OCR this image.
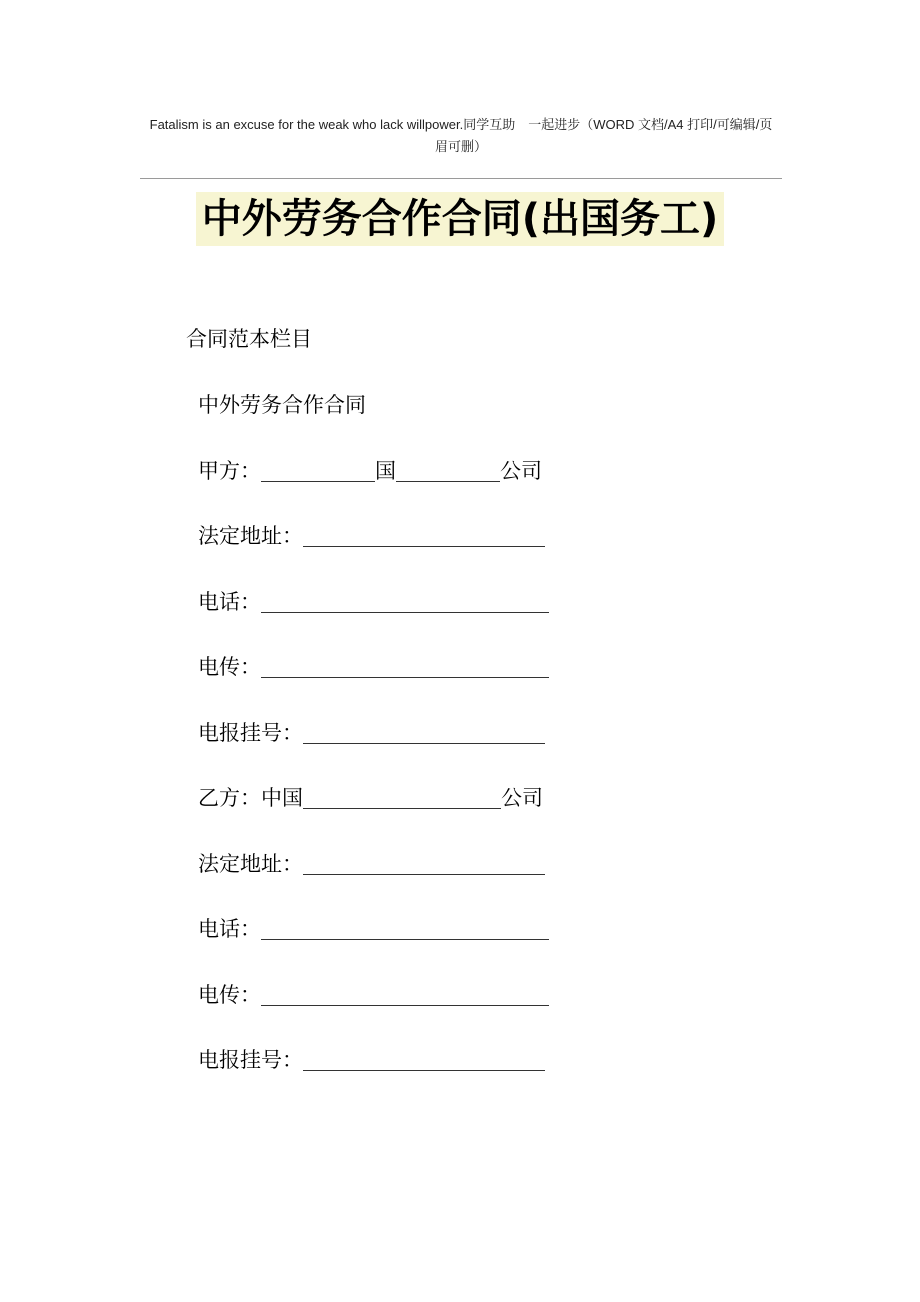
Fatalism is an excuse for the weak who lack willpower.同学互助　一起进步（WORD 文档/A4 打印/可编辑/页
眉可删）
中外劳务合作合同(出国务工)
合同范本栏目
中外劳务合作合同
甲方：	国	公司
法定地址：
电话：
电传：
电报挂号：
乙方：中国	公司
法定地址：
电话：
电传：
电报挂号：
